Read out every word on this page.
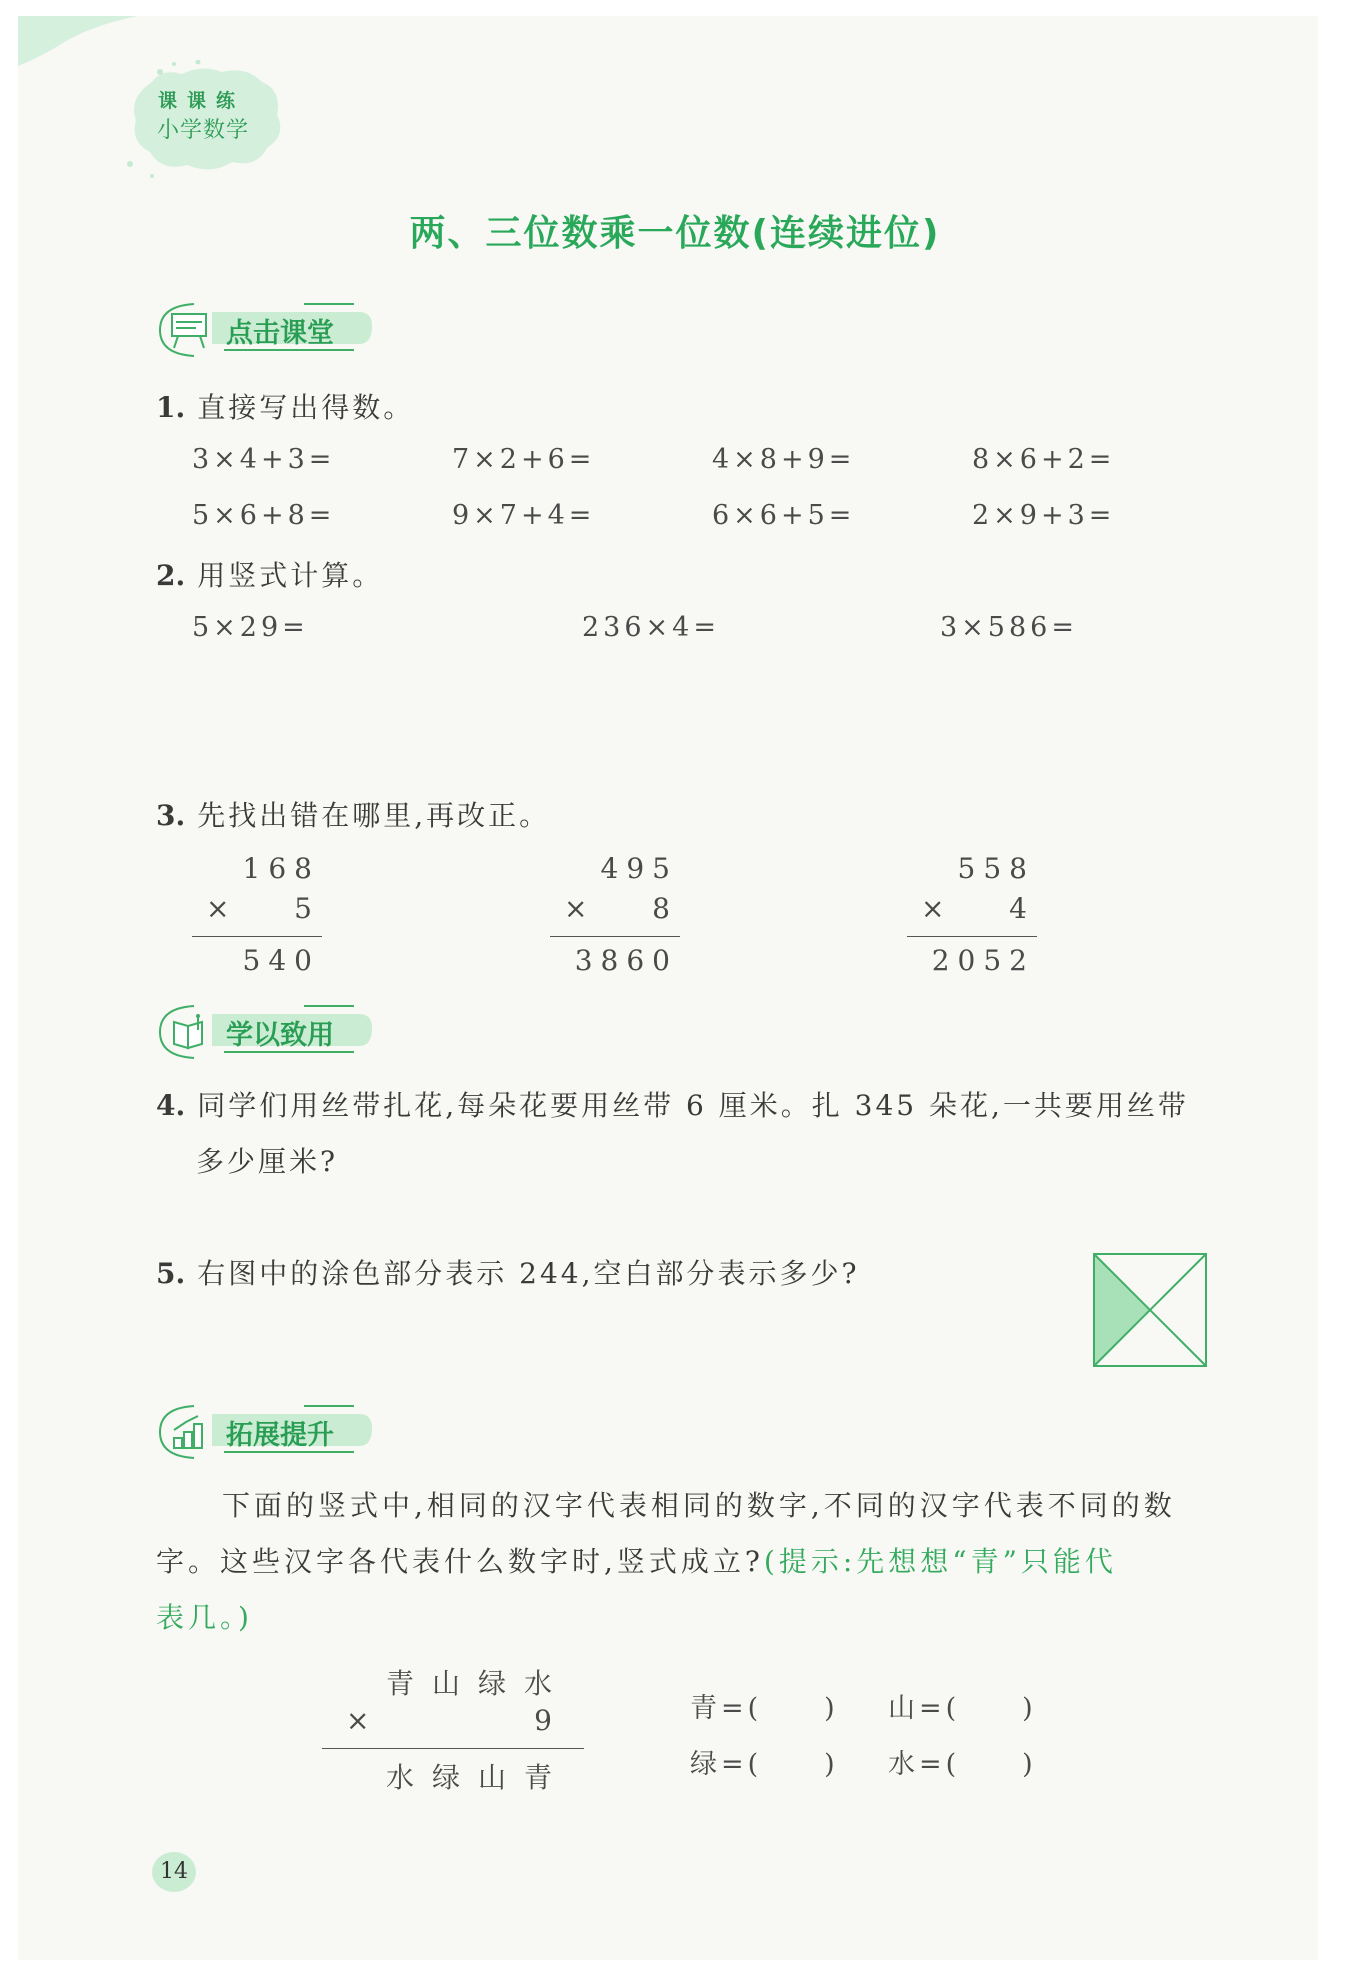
课课练
小学数学
两、三位数乘一位数(连续进位)
点击课堂
1. 直接写出得数。
3×4+3=	7×2+6=	4×8+9=	8×6+2=
5×6+8=	9×7+4=	6×6+5=	2×9+3=
2. 用竖式计算。
5×29=	236×4=	3×586=
3. 先找出错在哪里,再改正。
168
× 5
540
495
× 8
3860
558
× 4
2052
学以致用
4. 同学们用丝带扎花,每朵花要用丝带 6 厘米。扎 345 朵花,一共要用丝带
多少厘米?
5. 右图中的涂色部分表示 244,空白部分表示多少?
拓展提升
下面的竖式中,相同的汉字代表相同的数字,不同的汉字代表不同的数
字。这些汉字各代表什么数字时,竖式成立?(提示:先想想“青”只能代
表几。)
青山绿水
×	9
水绿山青
青=(　　) 山=(　　)
绿=(　　) 水=(　　)
14
